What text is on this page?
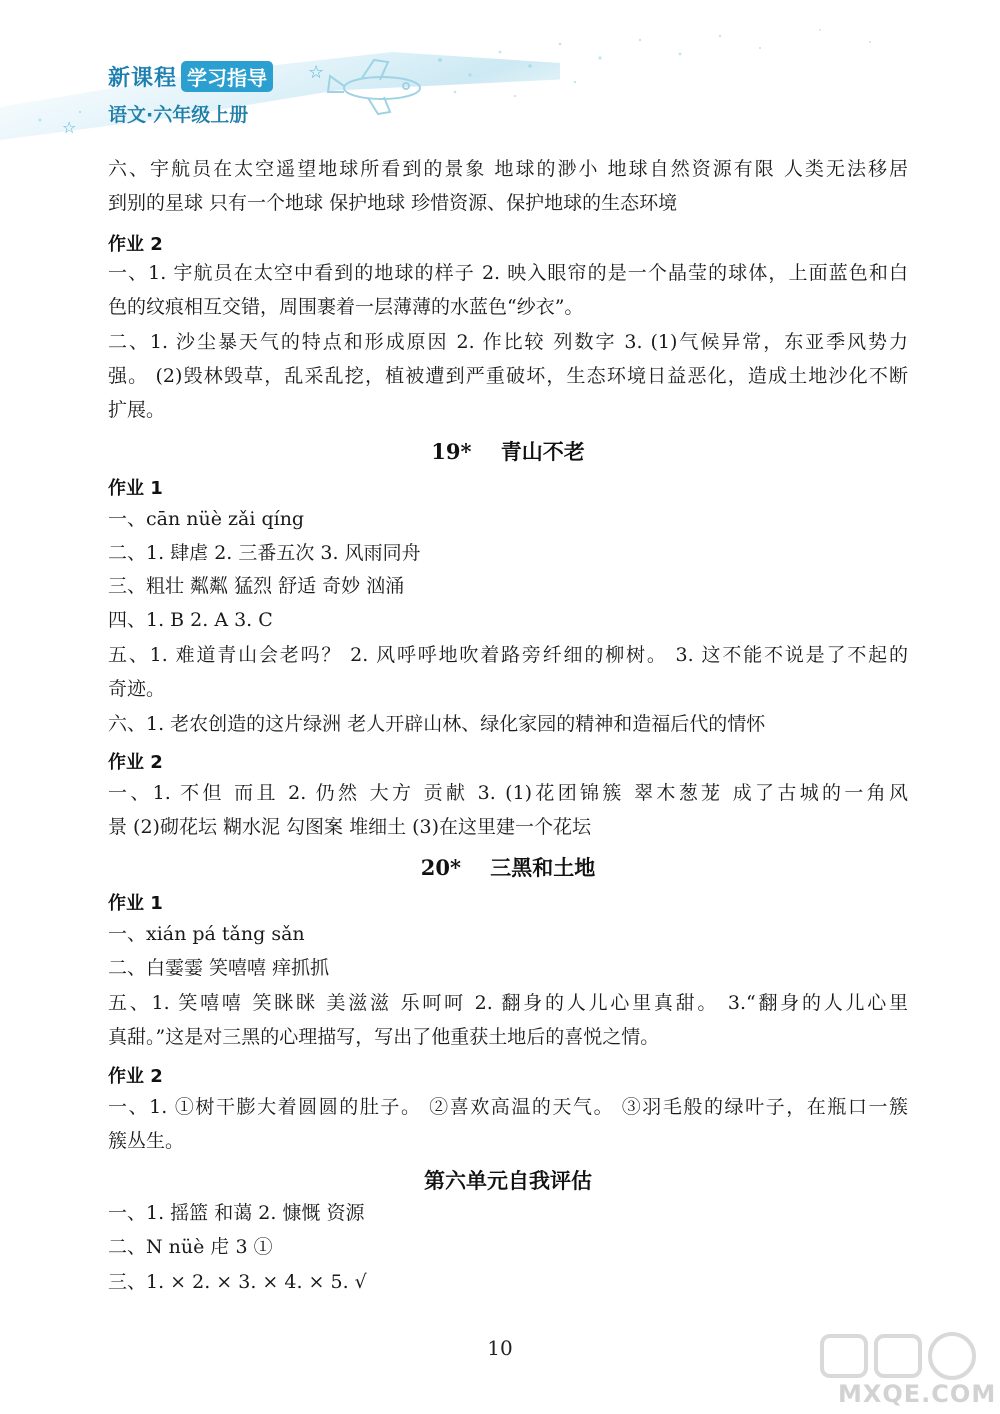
新课程 学习指导
语文·六年级上册
☆
☆
六、宇航员在太空遥望地球所看到的景象 地球的渺小 地球自然资源有限 人类无法移居
到别的星球 只有一个地球 保护地球 珍惜资源、保护地球的生态环境
作业 2
一、1. 宇航员在太空中看到的地球的样子 2. 映入眼帘的是一个晶莹的球体，上面蓝色和白
色的纹痕相互交错，周围裹着一层薄薄的水蓝色“纱衣”。
二、1. 沙尘暴天气的特点和形成原因 2. 作比较 列数字 3. (1)气候异常，东亚季风势力
强。 (2)毁林毁草，乱采乱挖，植被遭到严重破坏，生态环境日益恶化，造成土地沙化不断
扩展。
19*    青山不老
作业 1
一、cān nüè zǎi qíng
二、1. 肆虐 2. 三番五次 3. 风雨同舟
三、粗壮 粼粼 猛烈 舒适 奇妙 汹涌
四、1. B 2. A 3. C
五、1. 难道青山会老吗？ 2. 风呼呼地吹着路旁纤细的柳树。 3. 这不能不说是了不起的
奇迹。
六、1. 老农创造的这片绿洲 老人开辟山林、绿化家园的精神和造福后代的情怀
作业 2
一、1. 不但 而且 2. 仍然 大方 贡献 3. (1)花团锦簇 翠木葱茏 成了古城的一角风
景 (2)砌花坛 糊水泥 勾图案 堆细土 (3)在这里建一个花坛
20*    三黑和土地
作业 1
一、xián pá tǎng sǎn
二、白霎霎 笑嘻嘻 痒抓抓
五、1. 笑嘻嘻 笑眯眯 美滋滋 乐呵呵 2. 翻身的人儿心里真甜。 3.“翻身的人儿心里
真甜。”这是对三黑的心理描写，写出了他重获土地后的喜悦之情。
作业 2
一、1. ①树干膨大着圆圆的肚子。 ②喜欢高温的天气。 ③羽毛般的绿叶子，在瓶口一簇
簇丛生。
第六单元自我评估
一、1. 摇篮 和蔼 2. 慷慨 资源
二、N nüè 虍 3 ①
三、1. × 2. × 3. × 4. × 5. √
10
MXQE.COM
